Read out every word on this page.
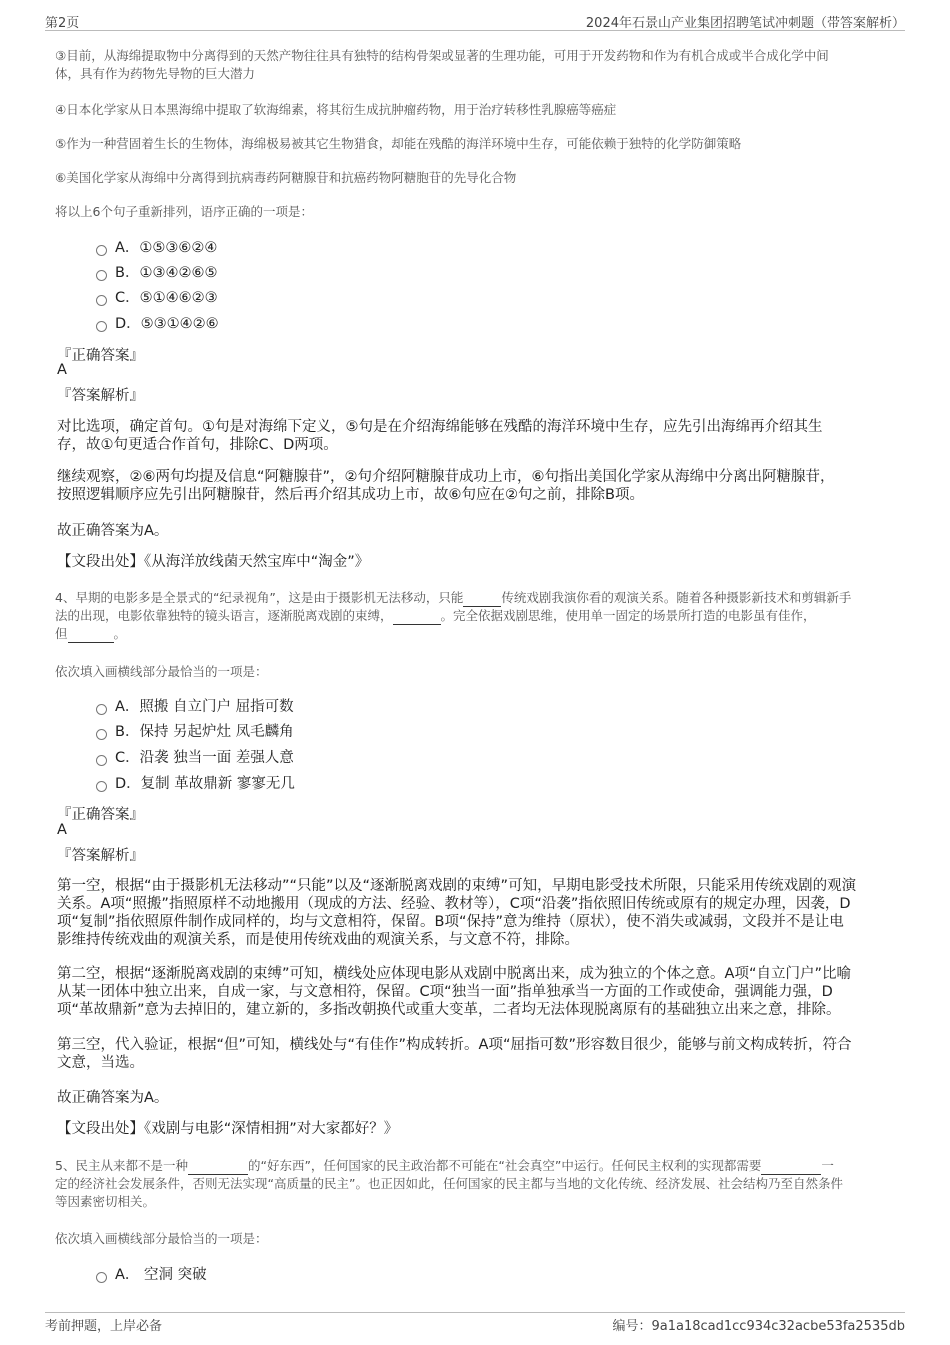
第2页	2024年石景山产业集团招聘笔试冲刺题（带答案解析）
③目前，从海绵提取物中分离得到的天然产物往往具有独特的结构骨架或显著的生理功能，可用于开发药物和作为有机合成或半合成化学中间
体，具有作为药物先导物的巨大潜力
④日本化学家从日本黑海绵中提取了软海绵素，将其衍生成抗肿瘤药物，用于治疗转移性乳腺癌等癌症
⑤作为一种营固着生长的生物体，海绵极易被其它生物猎食，却能在残酷的海洋环境中生存，可能依赖于独特的化学防御策略
⑥美国化学家从海绵中分离得到抗病毒药阿糖腺苷和抗癌药物阿糖胞苷的先导化合物
将以上6个句子重新排列，语序正确的一项是：
A．①⑤③⑥②④
B．①③④②⑥⑤
C．⑤①④⑥②③
D．⑤③①④②⑥
『正确答案』
A
『答案解析』
对比选项，确定首句。①句是对海绵下定义，⑤句是在介绍海绵能够在残酷的海洋环境中生存，应先引出海绵再介绍其生
存，故①句更适合作首句，排除C、D两项。
继续观察，②⑥两句均提及信息“阿糖腺苷”，②句介绍阿糖腺苷成功上市，⑥句指出美国化学家从海绵中分离出阿糖腺苷，
按照逻辑顺序应先引出阿糖腺苷，然后再介绍其成功上市，故⑥句应在②句之前，排除B项。
故正确答案为A。
【文段出处】《从海洋放线菌天然宝库中“淘金”》
4、早期的电影多是全景式的“纪录视角”，这是由于摄影机无法移动，只能	传统戏剧我演你看的观演关系。随着各种摄影新技术和剪辑新手
法的出现，电影依靠独特的镜头语言，逐渐脱离戏剧的束缚，	。完全依据戏剧思维，使用单一固定的场景所打造的电影虽有佳作，
但	。
依次填入画横线部分最恰当的一项是：
A．照搬 自立门户 屈指可数
B．保持 另起炉灶 凤毛麟角
C．沿袭 独当一面 差强人意
D．复制 革故鼎新 寥寥无几
『正确答案』
A
『答案解析』
第一空，根据“由于摄影机无法移动”“只能”以及“逐渐脱离戏剧的束缚”可知，早期电影受技术所限，只能采用传统戏剧的观演
关系。A项“照搬”指照原样不动地搬用（现成的方法、经验、教材等），C项“沿袭”指依照旧传统或原有的规定办理，因袭，D
项“复制”指依照原件制作成同样的，均与文意相符，保留。B项“保持”意为维持（原状），使不消失或减弱，文段并不是让电
影维持传统戏曲的观演关系，而是使用传统戏曲的观演关系，与文意不符，排除。
第二空，根据“逐渐脱离戏剧的束缚”可知，横线处应体现电影从戏剧中脱离出来，成为独立的个体之意。A项“自立门户”比喻
从某一团体中独立出来，自成一家，与文意相符，保留。C项“独当一面”指单独承当一方面的工作或使命，强调能力强，D
项“革故鼎新”意为去掉旧的，建立新的，多指改朝换代或重大变革，二者均无法体现脱离原有的基础独立出来之意，排除。
第三空，代入验证，根据“但”可知，横线处与“有佳作”构成转折。A项“屈指可数”形容数目很少，能够与前文构成转折，符合
文意，当选。
故正确答案为A。
【文段出处】《戏剧与电影“深情相拥”对大家都好？》
5、民主从来都不是一种	的“好东西”，任何国家的民主政治都不可能在“社会真空”中运行。任何民主权利的实现都需要	一
定的经济社会发展条件，否则无法实现“高质量的民主”。也正因如此，任何国家的民主都与当地的文化传统、经济发展、社会结构乃至自然条件
等因素密切相关。
依次填入画横线部分最恰当的一项是：
A． 空洞 突破
考前押题，上岸必备	编号：9a1a18cad1cc934c32acbe53fa2535db
